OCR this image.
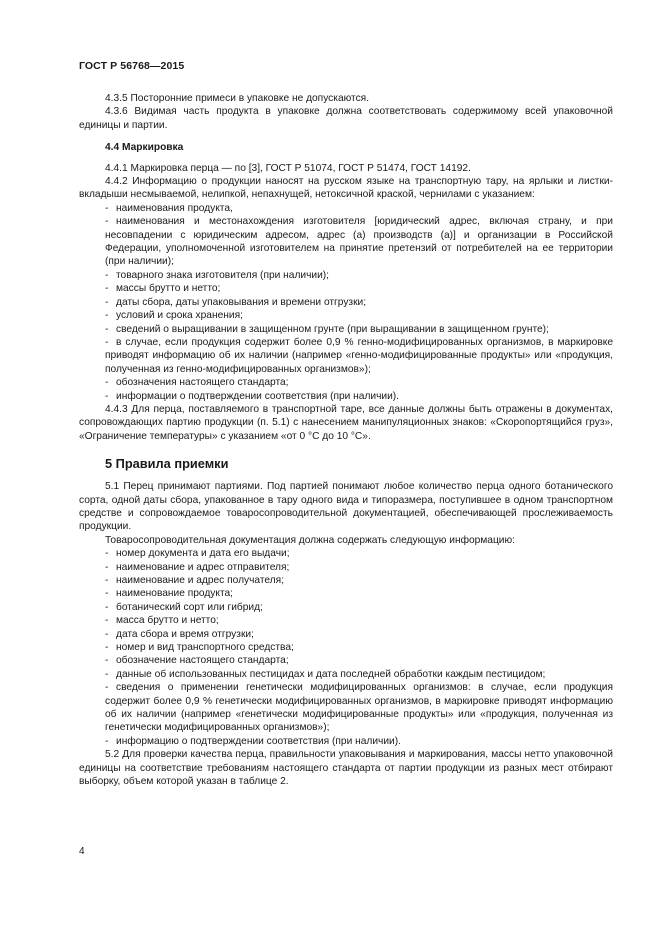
ГОСТ Р 56768—2015

4.3.5 Посторонние примеси в упаковке не допускаются.

4.3.6 Видимая часть продукта в упаковке должна соответствовать содержимому всей упаковочной единицы и партии.

4.4 Маркировка

4.4.1 Маркировка перца — по [3], ГОСТ Р 51074, ГОСТ Р 51474, ГОСТ 14192.

4.4.2 Информацию о продукции наносят на русском языке на транспортную тару, на ярлыки и листки-вкладыши несмываемой, нелипкой, непахнущей, нетоксичной краской, чернилами с указанием:

- наименования продукта,

- наименования и местонахождения изготовителя [юридический адрес, включая страну, и при несовпадении с юридическим адресом, адрес (а) производств (а)] и организации в Российской Федерации, уполномоченной изготовителем на принятие претензий от потребителей на ее территории (при наличии);

- товарного знака изготовителя (при наличии);

- массы брутто и нетто;

- даты сбора, даты упаковывания и времени отгрузки;

- условий и срока хранения;

- сведений о выращивании в защищенном грунте (при выращивании в защищенном грунте);

- в случае, если продукция содержит более 0,9 % генно-модифицированных организмов, в маркировке приводят информацию об их наличии (например «генно-модифицированные продукты» или «продукция, полученная из генно-модифицированных организмов»);

- обозначения настоящего стандарта;

- информации о подтверждении соответствия (при наличии).

4.4.3 Для перца, поставляемого в транспортной таре, все данные должны быть отражены в документах, сопровождающих партию продукции (п. 5.1) с нанесением манипуляционных знаков: «Скоропортящийся груз», «Ограничение температуры» с указанием «от 0 °С до 10 °С».

5 Правила приемки

5.1 Перец принимают партиями. Под партией понимают любое количество перца одного ботанического сорта, одной даты сбора, упакованное в тару одного вида и типоразмера, поступившее в одном транспортном средстве и сопровождаемое товаросопроводительной документацией, обеспечивающей прослеживаемость продукции.

Товаросопроводительная документация должна содержать следующую информацию:

- номер документа и дата его выдачи;

- наименование и адрес отправителя;

- наименование и адрес получателя;

- наименование продукта;

- ботанический сорт или гибрид;

- масса брутто и нетто;

- дата сбора и время отгрузки;

- номер и вид транспортного средства;

- обозначение настоящего стандарта;

- данные об использованных пестицидах и дата последней обработки каждым пестицидом;

- сведения о применении генетически модифицированных организмов: в случае, если продукция содержит более 0,9 % генетически модифицированных организмов, в маркировке приводят информацию об их наличии (например «генетически модифицированные продукты» или «продукция, полученная из генетически модифицированных организмов»);

- информацию о подтверждении соответствия (при наличии).

5.2 Для проверки качества перца, правильности упаковывания и маркирования, массы нетто упаковочной единицы на соответствие требованиям настоящего стандарта от партии продукции из разных мест отбирают выборку, объем которой указан в таблице 2.

4
